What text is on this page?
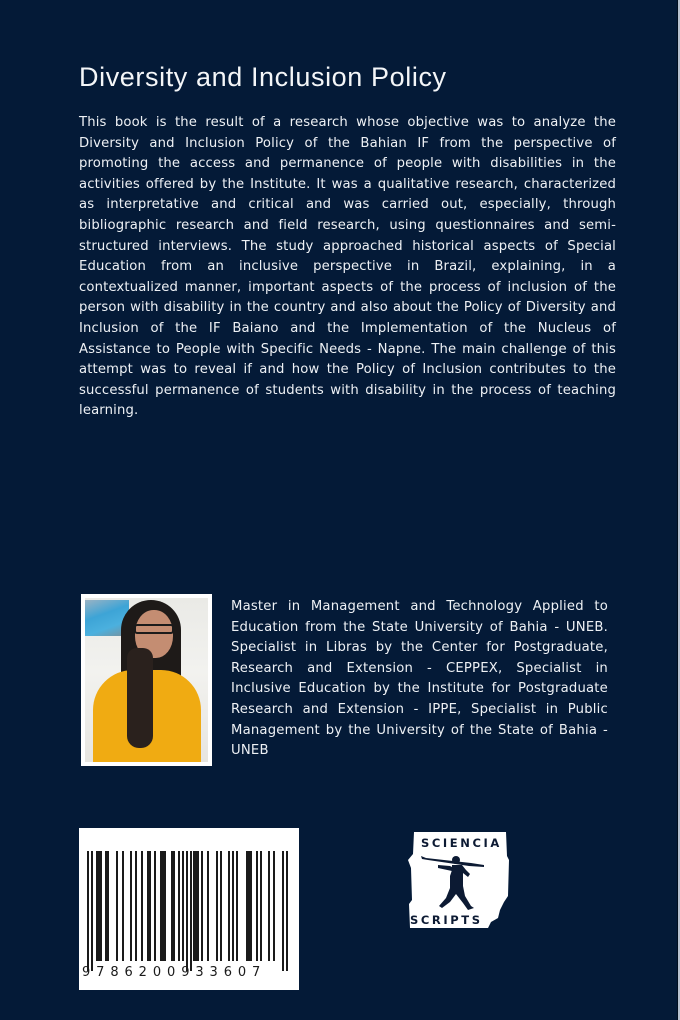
Diversity and Inclusion Policy

This book is the result of a research whose objective was to analyze the Diversity and Inclusion Policy of the Bahian IF from the perspective of promoting the access and permanence of people with disabilities in the activities offered by the Institute. It was a qualitative research, characterized as interpretative and critical and was carried out, especially, through bibliographic research and field research, using questionnaires and semi-structured interviews. The study approached historical aspects of Special Education from an inclusive perspective in Brazil, explaining, in a contextualized manner, important aspects of the process of inclusion of the person with disability in the country and also about the Policy of Diversity and Inclusion of the IF Baiano and the Implementation of the Nucleus of Assistance to People with Specific Needs - Napne. The main challenge of this attempt was to reveal if and how the Policy of Inclusion contributes to the successful permanence of students with disability in the process of teaching learning.

Master in Management and Technology Applied to Education from the State University of Bahia - UNEB. Specialist in Libras by the Center for Postgraduate, Research and Extension - CEPPEX, Specialist in Inclusive Education by the Institute for Postgraduate Research and Extension - IPPE, Specialist in Public Management by the University of the State of Bahia - UNEB

9786200933607
SCIENCIA
SCRIPTS
